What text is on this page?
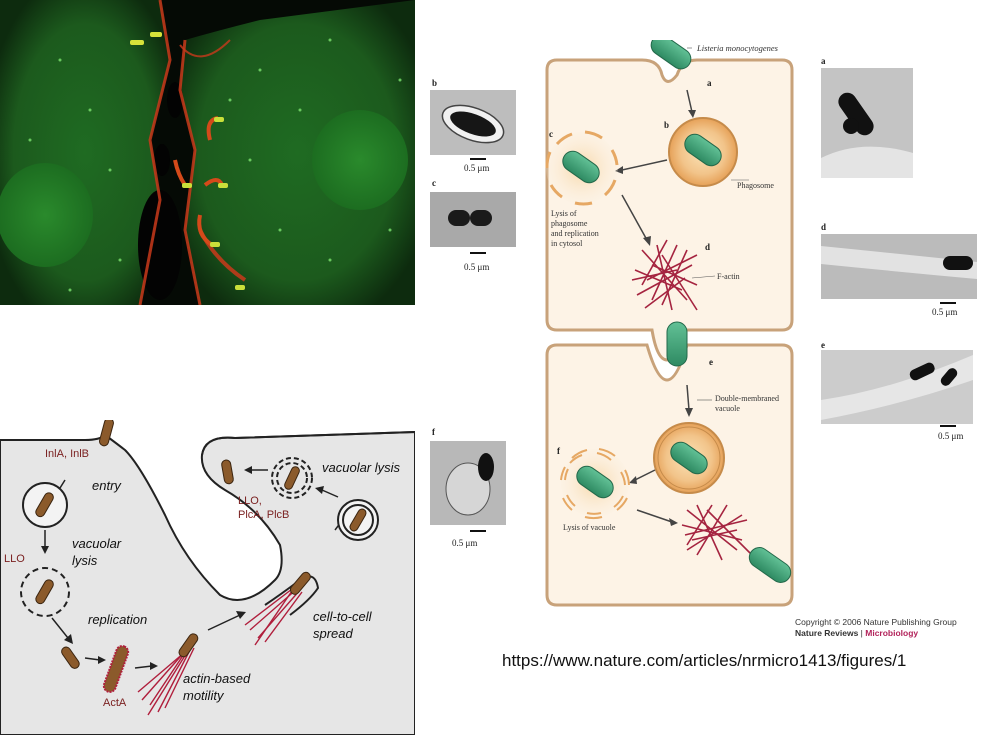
b
0.5 μm
c
0.5 μm
f
0.5 μm
Listeria monocytogenes
a
b
c
Phagosome
Lysis of
phagosome
and replication
in cytosol	d
F-actin
e
Double-membraned
vacuole
f
Lysis of vacuole
a
d
0.5 μm
e
0.5 μm
Copyright © 2006 Nature Publishing Group
Nature Reviews | Microbiology
https://www.nature.com/articles/nrmicro1413/figures/1
InlA, InlB
entry
vacuolar
lysis
LLO
replication
ActA
actin-based
motility
cell-to-cell
spread
vacuolar lysis
LLO,
PlcA, PlcB
